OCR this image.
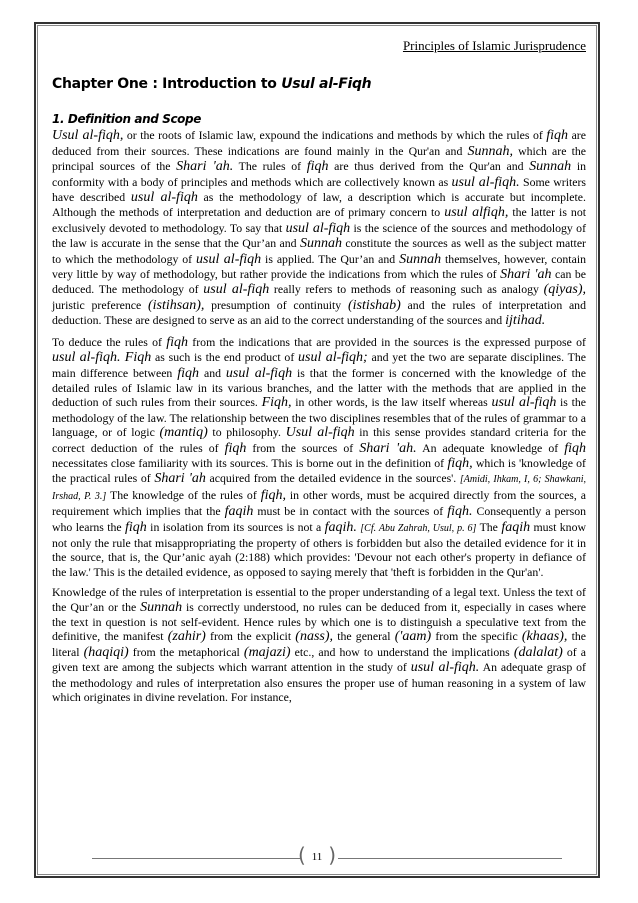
Principles of Islamic Jurisprudence
Chapter One : Introduction to Usul al-Fiqh
1. Definition and Scope

Usul al-fiqh, or the roots of Islamic law, expound the indications and methods by which the rules of fiqh are deduced from their sources. These indications are found mainly in the Qur'an and Sunnah, which are the principal sources of the Shari 'ah. The rules of fiqh are thus derived from the Qur'an and Sunnah in conformity with a body of principles and methods which are collectively known as usul al-fiqh. Some writers have described usul al-fiqh as the methodology of law, a description which is accurate but incomplete. Although the methods of interpretation and deduction are of primary concern to usul alfiqh, the latter is not exclusively devoted to methodology. To say that usul al-fiqh is the science of the sources and methodology of the law is accurate in the sense that the Qur’an and Sunnah constitute the sources as well as the subject matter to which the methodology of usul al-fiqh is applied. The Qur’an and Sunnah themselves, however, contain very little by way of methodology, but rather provide the indications from which the rules of Shari 'ah can be deduced. The methodology of usul al-fiqh really refers to methods of reasoning such as analogy (qiyas), juristic preference (istihsan), presumption of continuity (istishab) and the rules of interpretation and deduction. These are designed to serve as an aid to the correct understanding of the sources and ijtihad.

To deduce the rules of fiqh from the indications that are provided in the sources is the expressed purpose of usul al-fiqh. Fiqh as such is the end product of usul al-fiqh; and yet the two are separate disciplines. The main difference between fiqh and usul al-fiqh is that the former is concerned with the knowledge of the detailed rules of Islamic law in its various branches, and the latter with the methods that are applied in the deduction of such rules from their sources. Fiqh, in other words, is the law itself whereas usul al-fiqh is the methodology of the law. The relationship between the two disciplines resembles that of the rules of grammar to a language, or of logic (mantiq) to philosophy. Usul al-fiqh in this sense provides standard criteria for the correct deduction of the rules of fiqh from the sources of Shari 'ah. An adequate knowledge of fiqh necessitates close familiarity with its sources. This is borne out in the definition of fiqh, which is 'knowledge of the practical rules of Shari 'ah acquired from the detailed evidence in the sources'. [Amidi, Ihkam, I, 6; Shawkani, Irshad, P. 3.] The knowledge of the rules of fiqh, in other words, must be acquired directly from the sources, a requirement which implies that the faqih must be in contact with the sources of fiqh. Consequently a person who learns the fiqh in isolation from its sources is not a faqih. [Cf. Abu Zahrah, Usul, p. 6] The faqih must know not only the rule that misappropriating the property of others is forbidden but also the detailed evidence for it in the source, that is, the Qur’anic ayah (2:188) which provides: 'Devour not each other's property in defiance of the law.' This is the detailed evidence, as opposed to saying merely that 'theft is forbidden in the Qur'an'.

Knowledge of the rules of interpretation is essential to the proper understanding of a legal text. Unless the text of the Qur’an or the Sunnah is correctly understood, no rules can be deduced from it, especially in cases where the text in question is not self-evident. Hence rules by which one is to distinguish a speculative text from the definitive, the manifest (zahir) from the explicit (nass), the general ('aam) from the specific (khaas), the literal (haqiqi) from the metaphorical (majazi) etc., and how to understand the implications (dalalat) of a given text are among the subjects which warrant attention in the study of usul al-fiqh. An adequate grasp of the methodology and rules of interpretation also ensures the proper use of human reasoning in a system of law which originates in divine revelation. For instance,

( 11 )
